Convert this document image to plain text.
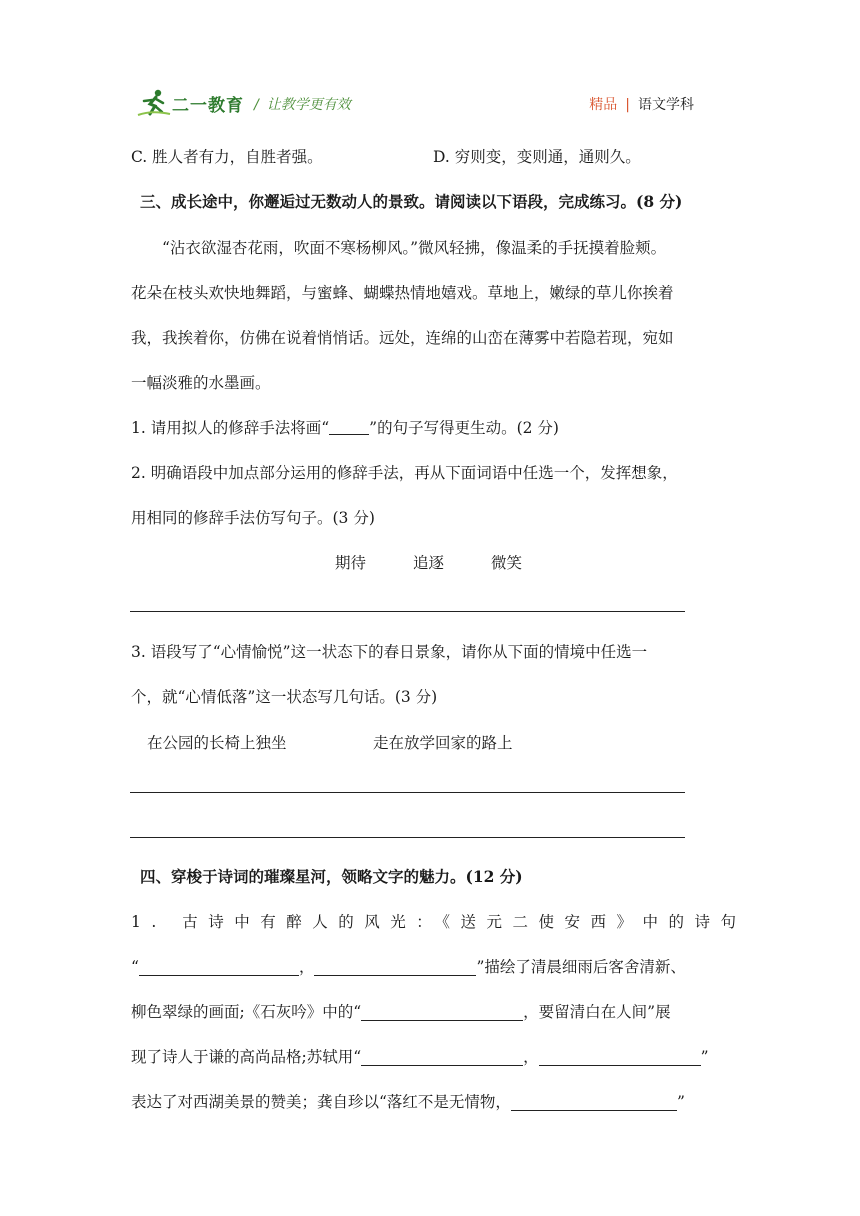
二一教育 / 让教学更有效	精品 | 语文学科
C. 胜人者有力，自胜者强。	D. 穷则变，变则通，通则久。
三、成长途中，你邂逅过无数动人的景致。请阅读以下语段，完成练习。(8 分)
“沾衣欲湿杏花雨，吹面不寒杨柳风。”微风轻拂，像温柔的手抚摸着脸颊。
花朵在枝头欢快地舞蹈，与蜜蜂、蝴蝶热情地嬉戏。草地上，嫩绿的草儿你挨着
我，我挨着你，仿佛在说着悄悄话。远处，连绵的山峦在薄雾中若隐若现，宛如
一幅淡雅的水墨画。
1. 请用拟人的修辞手法将画“	”的句子写得更生动。(2 分)
2. 明确语段中加点部分运用的修辞手法，再从下面词语中任选一个，发挥想象，
用相同的修辞手法仿写句子。(3 分)
期待	追逐	微笑
3. 语段写了“心情愉悦”这一状态下的春日景象，请你从下面的情境中任选一
个，就“心情低落”这一状态写几句话。(3 分)
在公园的长椅上独坐	走在放学回家的路上
四、穿梭于诗词的璀璨星河，领略文字的魅力。(12 分)
1. 古诗中有醉人的风光：《送元二使安西》中的诗句
“	，	”描绘了清晨细雨后客舍清新、
柳色翠绿的画面;《石灰吟》中的“	，要留清白在人间”展
现了诗人于谦的高尚品格;苏轼用“	，	”
表达了对西湖美景的赞美；龚自珍以“落红不是无情物，	”
